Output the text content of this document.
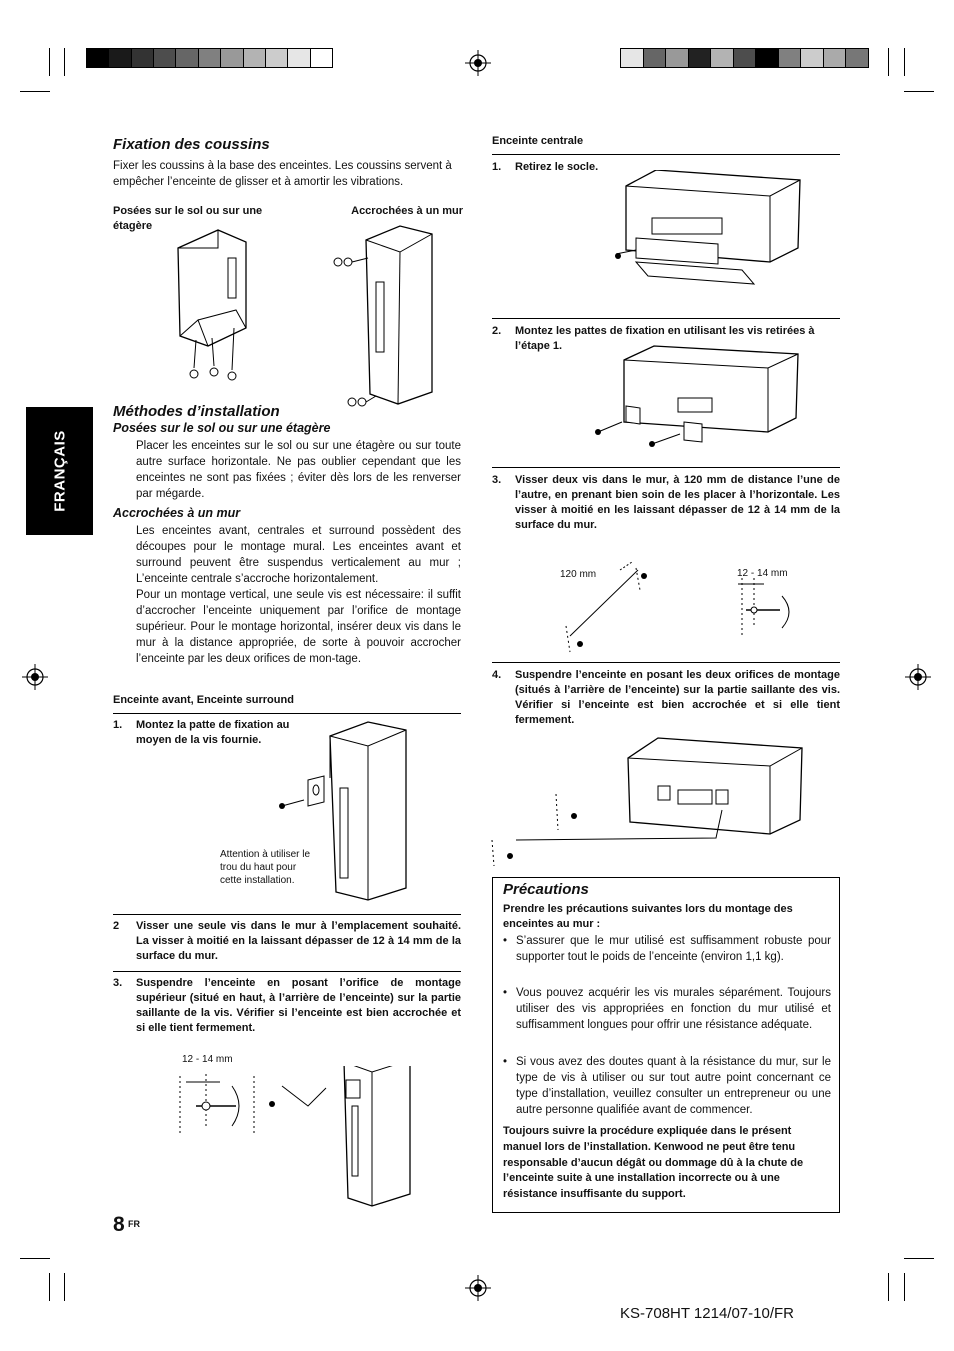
FRANÇAIS
Fixation des coussins

Fixer les coussins à la base des enceintes. Les coussins servent à empêcher l’enceinte de glisser et à amortir les vibrations.

Posées sur le sol ou sur une étagère
Accrochées à un mur
Méthodes d’installation
Posées sur le sol ou sur une étagère

Placer les enceintes sur le sol ou sur une étagère ou sur toute autre surface horizontale. Ne pas oublier cependant que les enceintes ne sont pas fixées ; éviter dès lors de les renverser par mégarde.

Accrochées à un mur

Les enceintes avant, centrales et surround possèdent des découpes pour le montage mural. Les enceintes avant et surround peuvent être suspendus verticalement au mur ; L’enceinte centrale s’accroche horizontalement.

Pour un montage vertical, une seule vis est nécessaire: il suffit d’accrocher l’enceinte uniquement par l’orifice de montage supérieur. Pour le montage horizontal, insérer deux vis dans le mur à la distance appropriée, de sorte à pouvoir accrocher l’enceinte par les deux orifices de mon-tage.

Enceinte avant, Enceinte surround
1.	Montez la patte de fixation au moyen de la vis fournie.
Attention à utiliser le trou du haut pour cette installation.
2	Visser une seule vis dans le mur à l’emplacement souhaité. La visser à moitié en la laissant dépasser de 12 à 14 mm de la surface du mur.
3.	Suspendre l’enceinte en posant l’orifice de montage supérieur (situé en haut, à l’arrière de l’enceinte) sur la partie saillante de la vis. Vérifier si l’enceinte est bien accrochée et si elle tient fermement.
12 - 14 mm
Enceinte centrale
1.	Retirez le socle.
2.	Montez les pattes de fixation en utilisant les vis retirées à l’étape 1.
3.	Visser deux vis dans le mur, à 120 mm de distance l’une de l’autre, en prenant bien soin de les placer à l’horizontale. Les visser à moitié en les laissant dépasser de 12 à 14 mm de la surface du mur.
120 mm	12 - 14 mm
4.	Suspendre l’enceinte en posant les deux orifices de montage (situés à l’arrière de l’enceinte) sur la partie saillante des vis. Vérifier si l’enceinte est bien accrochée et si elle tient fermement.
Précautions
Prendre les précautions suivantes lors du montage des enceintes au mur :
• S’assurer que le mur utilisé est suffisamment robuste pour supporter tout le poids de l’enceinte (environ 1,1 kg).
• Vous pouvez acquérir les vis murales séparément. Toujours utiliser des vis appropriées en fonction du mur utilisé et suffisamment longues pour offrir une résistance adéquate.
• Si vous avez des doutes quant à la résistance du mur, sur le type de vis à utiliser ou sur tout autre point concernant ce type d’installation, veuillez consulter un entrepreneur ou une autre personne qualifiée avant de commencer.
Toujours suivre la procédure expliquée dans le présent manuel lors de l’installation. Kenwood ne peut être tenu responsable d’aucun dégât ou dommage dû à la chute de l’enceinte suite à une installation incorrecte ou à une résistance insuffisante du support.
8 FR
KS-708HT 1214/07-10/FR
